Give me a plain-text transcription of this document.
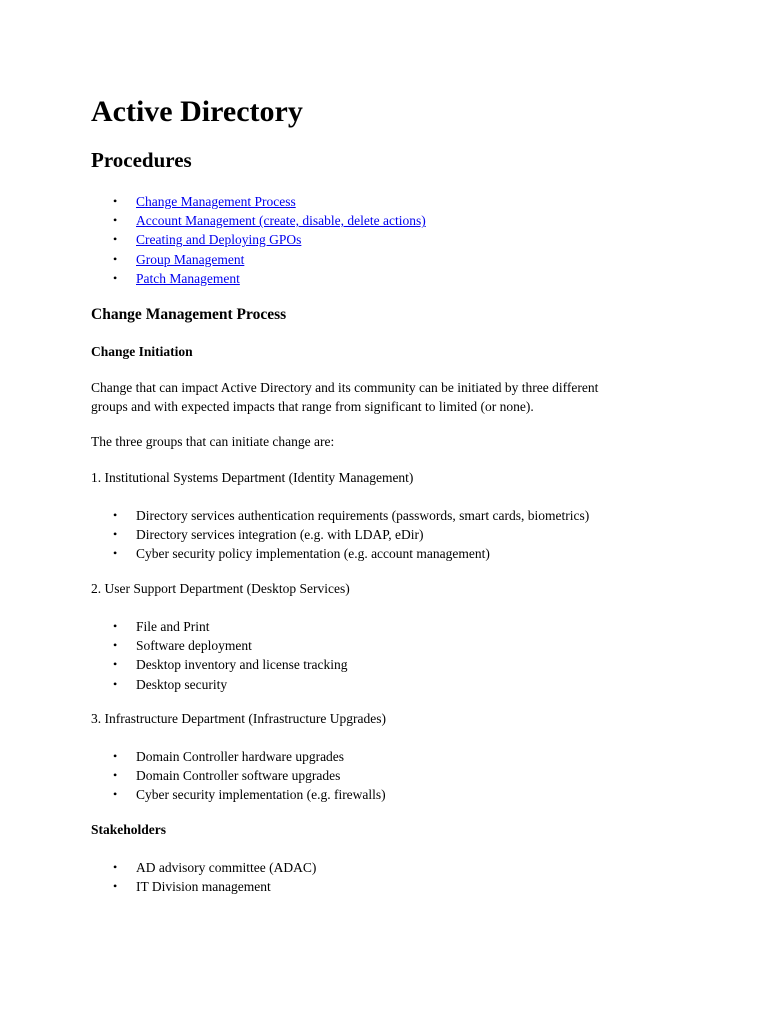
Active Directory
Procedures
• Change Management Process
• Account Management (create, disable, delete actions)
• Creating and Deploying GPOs
• Group Management
• Patch Management
Change Management Process
Change Initiation
Change that can impact Active Directory and its community can be initiated by three different
groups and with expected impacts that range from significant to limited (or none).
The three groups that can initiate change are:
1. Institutional Systems Department (Identity Management)
• Directory services authentication requirements (passwords, smart cards, biometrics)
• Directory services integration (e.g. with LDAP, eDir)
• Cyber security policy implementation (e.g. account management)
2. User Support Department (Desktop Services)
• File and Print
• Software deployment
• Desktop inventory and license tracking
• Desktop security
3. Infrastructure Department (Infrastructure Upgrades)
• Domain Controller hardware upgrades
• Domain Controller software upgrades
• Cyber security implementation (e.g. firewalls)
Stakeholders
• AD advisory committee (ADAC)
• IT Division management
